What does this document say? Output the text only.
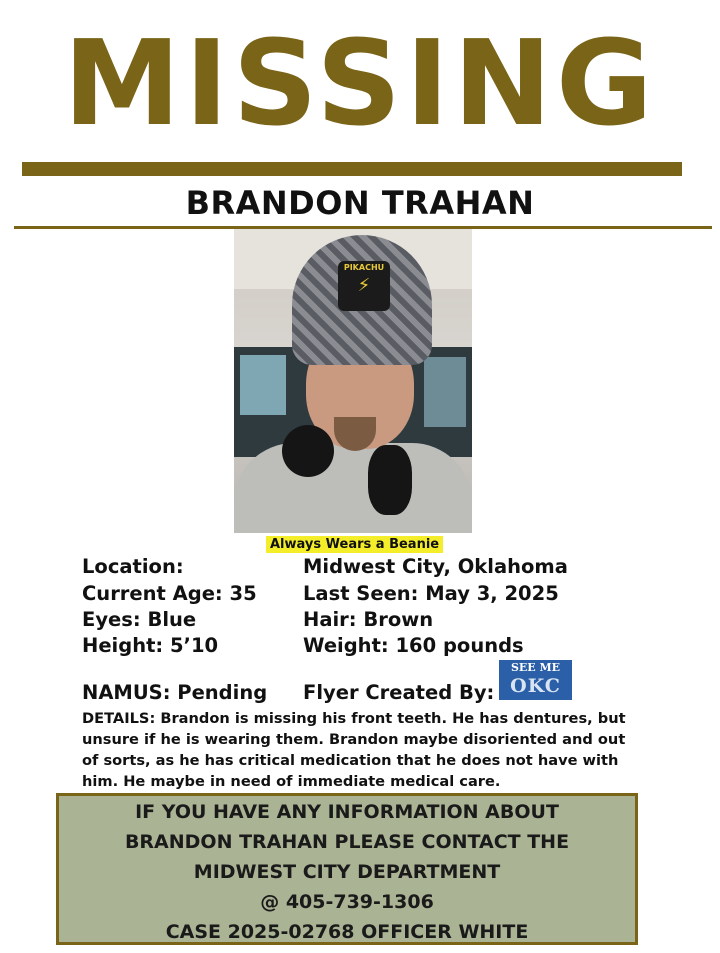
MISSING
BRANDON TRAHAN
PIKACHU
⚡
Always Wears a Beanie
Location:	Midwest City, Oklahoma
Current Age: 35 Last Seen: May 3, 2025
Eyes: Blue	Hair: Brown
Height: 5’10	Weight: 160 pounds
NAMUS: Pending Flyer Created By:
SEE ME
OKC
DETAILS: Brandon is missing his front teeth. He has dentures, but unsure if he is wearing them. Brandon maybe disoriented and out of sorts, as he has critical medication that he does not have with him. He maybe in need of immediate medical care.
IF YOU HAVE ANY INFORMATION ABOUT
BRANDON TRAHAN PLEASE CONTACT THE
MIDWEST CITY DEPARTMENT
@ 405-739-1306
CASE 2025-02768 OFFICER WHITE
